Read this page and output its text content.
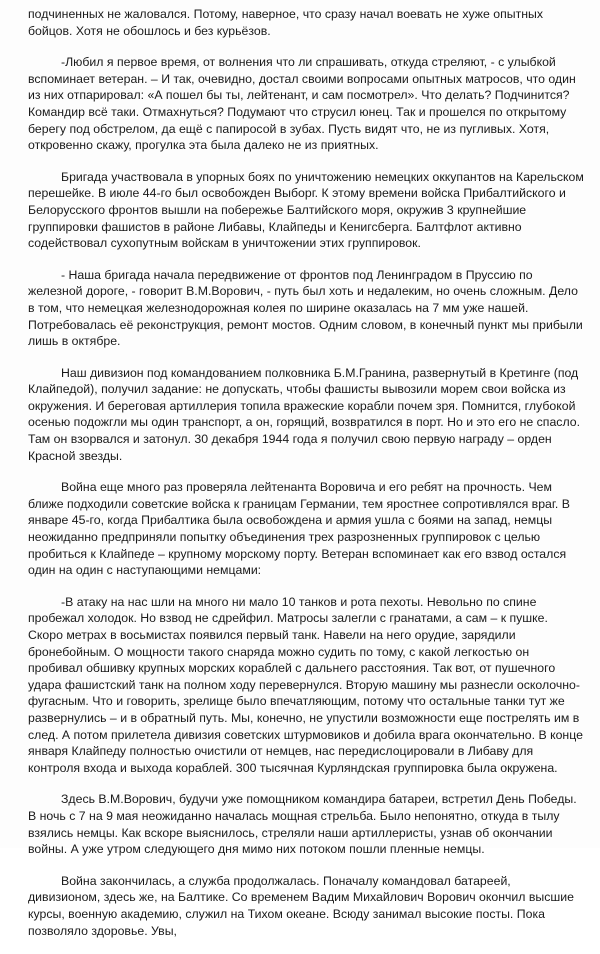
подчиненных не жаловался. Потому, наверное, что сразу начал воевать не хуже опытных бойцов. Хотя не обошлось и без курьёзов.

-Любил я первое время, от волнения что ли спрашивать, откуда стреляют, - с улыбкой вспоминает ветеран. – И так, очевидно, достал своими вопросами опытных матросов, что один из них отпарировал: «А пошел бы ты, лейтенант, и сам посмотрел». Что делать? Подчинится? Командир всё таки. Отмахнуться? Подумают что струсил юнец. Так и прошелся по открытому берегу под обстрелом, да ещё с папиросой в зубах. Пусть видят что, не из пугливых. Хотя, откровенно скажу, прогулка эта была далеко не из приятных.

Бригада участвовала в упорных боях по уничтожению немецких оккупантов на Карельском перешейке. В июле 44-го был освобожден Выборг. К этому времени войска Прибалтийского и Белорусского фронтов вышли на побережье Балтийского моря, окружив 3 крупнейшие группировки фашистов в районе Либавы, Клайпеды и Кенигсберга. Балтфлот активно содействовал сухопутным войскам в уничтожении этих группировок.

- Наша бригада начала передвижение от фронтов под Ленинградом в Пруссию по железной дороге, - говорит В.М.Ворович, - путь был хоть и недалеким, но очень сложным. Дело в том, что немецкая железнодорожная колея по ширине оказалась на 7 мм уже нашей. Потребовалась её реконструкция, ремонт мостов. Одним словом, в конечный пункт мы прибыли лишь в октябре.

Наш дивизион под командованием полковника Б.М.Гранина, развернутый в Кретинге (под Клайпедой), получил задание: не допускать, чтобы фашисты вывозили морем свои войска из окружения. И береговая артиллерия топила вражеские корабли почем зря. Помнится, глубокой осенью подожгли мы один транспорт, а он, горящий, возвратился в порт. Но и это его не спасло. Там он взорвался и затонул. 30 декабря 1944 года я получил свою первую награду – орден Красной звезды.

Война еще много раз проверяла лейтенанта Воровича и его ребят на прочность. Чем ближе подходили советские войска к границам Германии, тем яростнее сопротивлялся враг. В январе 45-го, когда Прибалтика была освобождена и армия ушла с боями на запад, немцы неожиданно предприняли попытку объединения трех разрозненных группировок с целью пробиться к Клайпеде – крупному морскому порту. Ветеран вспоминает как его взвод остался один на один с наступающими немцами:

-В атаку на нас шли на много ни мало 10 танков и рота пехоты. Невольно по спине пробежал холодок. Но взвод не сдрейфил. Матросы залегли с гранатами, а сам – к пушке. Скоро метрах в восьмистах появился первый танк. Навели на него орудие, зарядили бронебойным. О мощности такого снаряда можно судить по тому, с какой легкостью он пробивал обшивку крупных морских кораблей с дальнего расстояния. Так вот, от пушечного удара фашистский танк на полном ходу перевернулся. Вторую машину мы разнесли осколочно-фугасным. Что и говорить, зрелище было впечатляющим, потому что остальные танки тут же развернулись – и в обратный путь. Мы, конечно, не упустили возможности еще пострелять им в след. А потом прилетела дивизия советских штурмовиков и добила врага окончательно. В конце января Клайпеду полностью очистили от немцев, нас передислоцировали в Либаву для контроля входа и выхода кораблей. 300 тысячная Курляндская группировка была окружена.

Здесь В.М.Ворович, будучи уже помощником командира батареи, встретил День Победы. В ночь с 7 на 9 мая неожиданно началась мощная стрельба. Было непонятно, откуда в тылу взялись немцы. Как вскоре выяснилось, стреляли наши артиллеристы, узнав об окончании войны. А уже утром следующего дня мимо них потоком пошли пленные немцы.

Война закончилась, а служба продолжалась. Поначалу командовал батареей, дивизионом, здесь же, на Балтике. Со временем Вадим Михайлович Ворович окончил высшие курсы, военную академию, служил на Тихом океане. Всюду занимал высокие посты. Пока позволяло здоровье. Увы,
